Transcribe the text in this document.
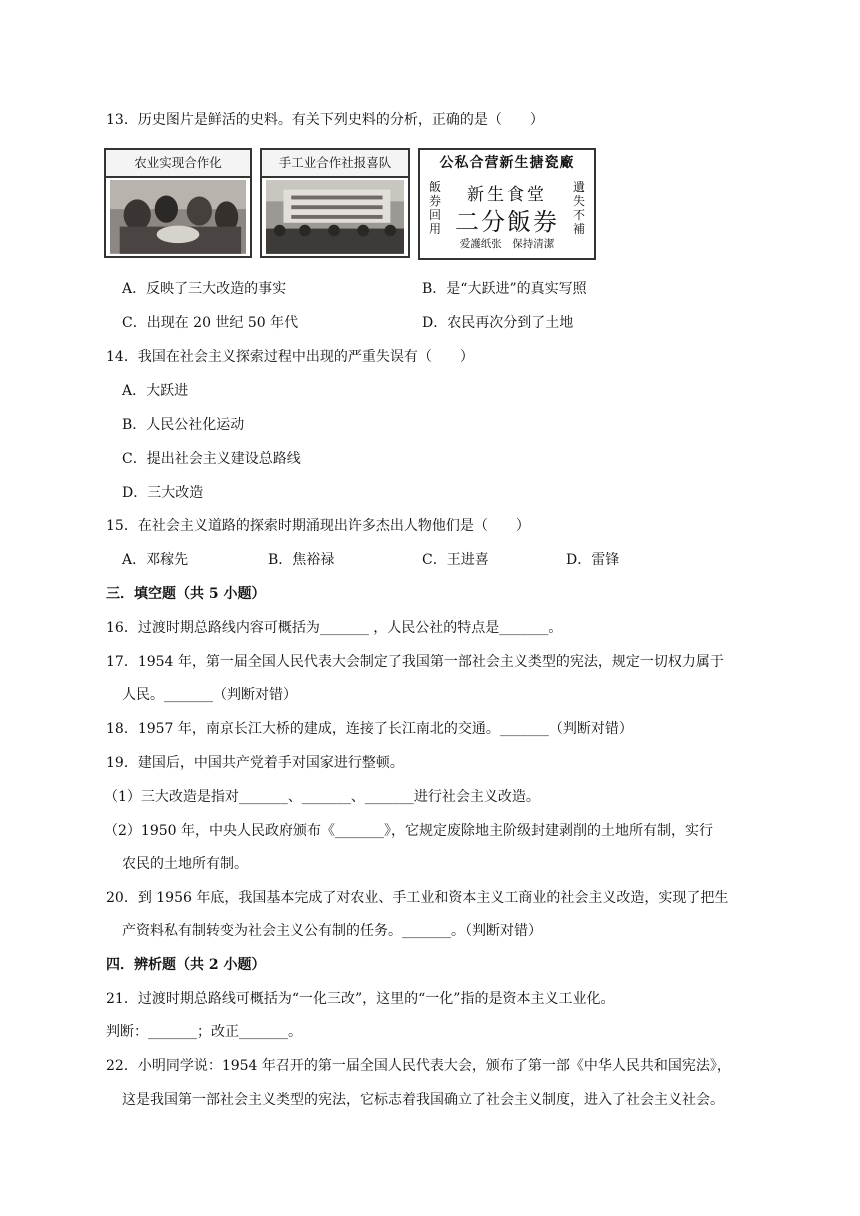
13．历史图片是鲜活的史料。有关下列史料的分析，正确的是（　　）
农业实现合作化	手工业合作社报喜队	公私合营新生搪瓷廠
飯券回用
新生食堂
二分飯券
遺失不補
爱護纸张　保持清潔
A．反映了三大改造的事实	B．是“大跃进”的真实写照
C．出现在 20 世纪 50 年代	D．农民再次分到了土地
14．我国在社会主义探索过程中出现的严重失误有（　　）
A．大跃进
B．人民公社化运动
C．提出社会主义建设总路线
D．三大改造
15．在社会主义道路的探索时期涌现出许多杰出人物他们是（　　）
A．邓稼先	B．焦裕禄	C．王进喜	D．雷锋
三．填空题（共 5 小题）
16．过渡时期总路线内容可概括为_______ ，人民公社的特点是_______。
17．1954 年，第一届全国人民代表大会制定了我国第一部社会主义类型的宪法，规定一切权力属于
人民。_______（判断对错）
18．1957 年，南京长江大桥的建成，连接了长江南北的交通。_______（判断对错）
19．建国后，中国共产党着手对国家进行整顿。
（1）三大改造是指对_______、_______、_______进行社会主义改造。
（2）1950 年，中央人民政府颁布《_______》，它规定废除地主阶级封建剥削的土地所有制，实行
农民的土地所有制。
20．到 1956 年底，我国基本完成了对农业、手工业和资本主义工商业的社会主义改造，实现了把生
产资料私有制转变为社会主义公有制的任务。_______。（判断对错）
四．辨析题（共 2 小题）
21．过渡时期总路线可概括为“一化三改”，这里的“一化”指的是资本主义工业化。
判断：_______；改正_______。
22．小明同学说：1954 年召开的第一届全国人民代表大会，颁布了第一部《中华人民共和国宪法》，
这是我国第一部社会主义类型的宪法，它标志着我国确立了社会主义制度，进入了社会主义社会。
